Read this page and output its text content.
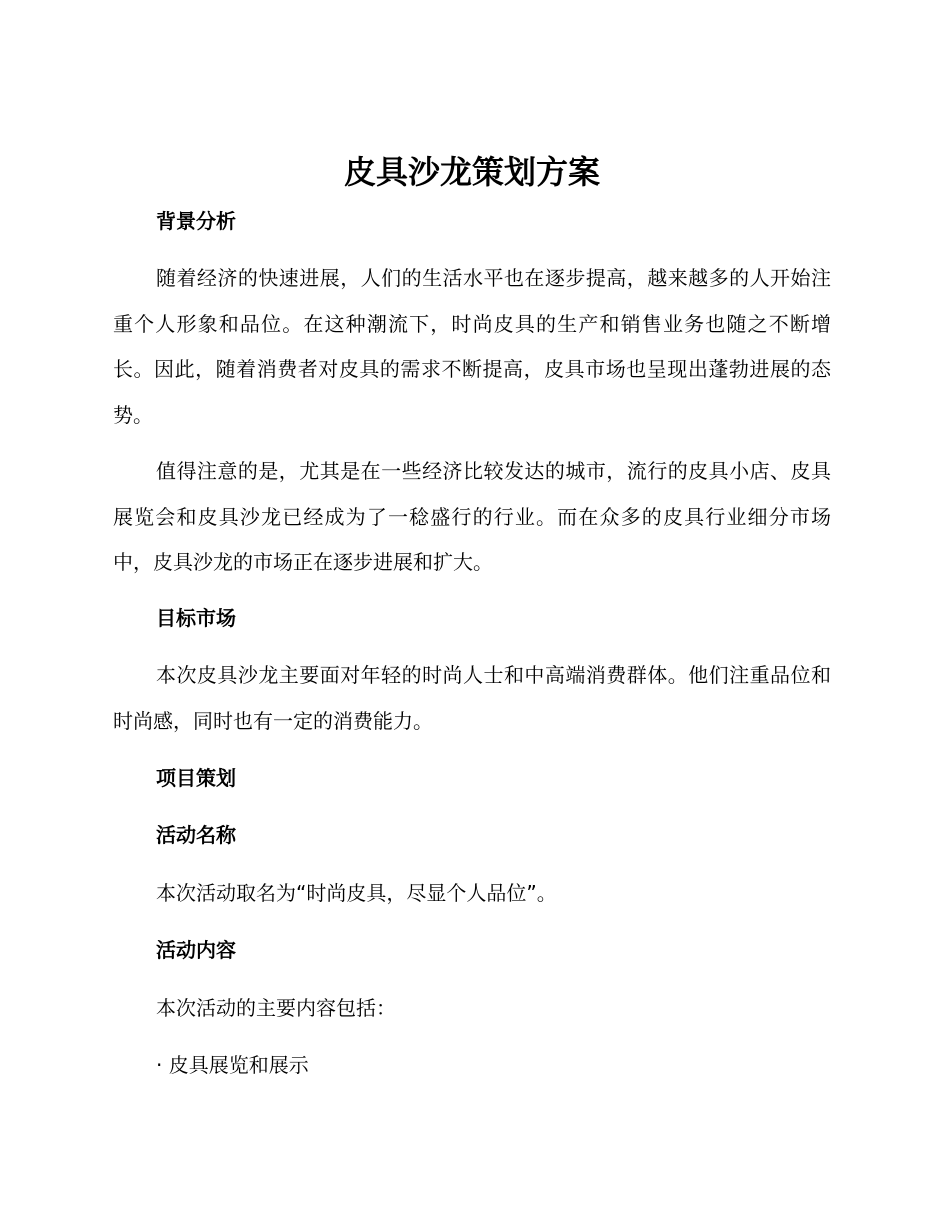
皮具沙龙策划方案
背景分析

随着经济的快速进展，人们的生活水平也在逐步提高，越来越多的人开始注重个人形象和品位。在这种潮流下，时尚皮具的生产和销售业务也随之不断增长。因此，随着消费者对皮具的需求不断提高，皮具市场也呈现出蓬勃进展的态势。

值得注意的是，尤其是在一些经济比较发达的城市，流行的皮具小店、皮具展览会和皮具沙龙已经成为了一稔盛行的行业。而在众多的皮具行业细分市场中，皮具沙龙的市场正在逐步进展和扩大。

目标市场

本次皮具沙龙主要面对年轻的时尚人士和中高端消费群体。他们注重品位和时尚感，同时也有一定的消费能力。

项目策划
活动名称

本次活动取名为“时尚皮具，尽显个人品位”。

活动内容

本次活动的主要内容包括：

· 皮具展览和展示
